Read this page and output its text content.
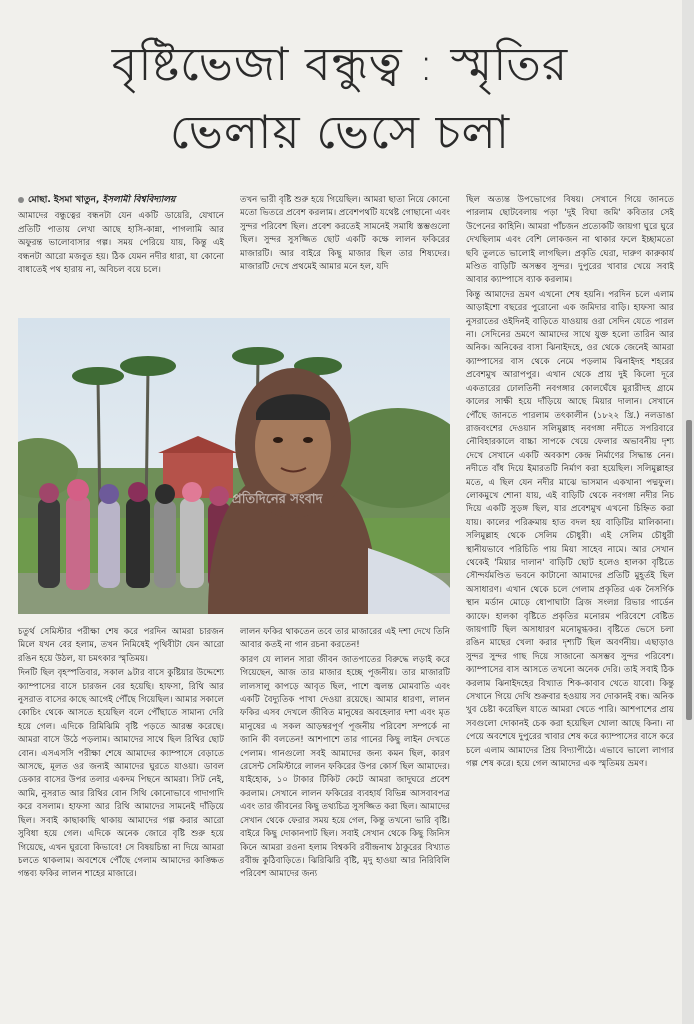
বৃষ্টিভেজা বন্ধুত্ব : স্মৃতির
ভেলায় ভেসে চলা
মোছা. ইসমা খাতুন, ইসলামী বিশ্ববিদ্যালয়

আমাদের বন্ধুত্বের বন্ধনটা যেন একটি ডায়েরি, যেখানে প্রতিটি পাতায় লেখা আছে হাসি-কান্না, পাগলামি আর অফুরন্ত ভালোবাসার গল্প। সময় পেরিয়ে যায়, কিন্তু এই বন্ধনটা আরো মজবুত হয়। ঠিক যেমন নদীর ধারা, যা কোনো বাধাতেই পথ হারায় না, অবিচল বয়ে চলে।

তখন ভারী বৃষ্টি শুরু হয়ে গিয়েছিল। আমরা ছাতা নিয়ে কোনো মতো ভিতরে প্রবেশ করলাম। প্রবেশপথটি যথেষ্ট গোছানো এবং সুন্দর পরিবেশ ছিল। প্রবেশ করতেই সামনেই সমাধি স্তম্ভগুলো ছিল। সুন্দর সুসজ্জিত ছোট একটি কক্ষে লালন ফকিরের মাজারটি। আর বাইরে কিছু মাজার ছিল তার শিষ্যদের। মাজারটি দেখে প্রথমেই আমার মনে হল, যদি

ছিল অত্যন্ত উপভোগের বিষয়। সেখানে গিয়ে জানতে পারলাম ছোটবেলায় পড়া 'দুই বিঘা জমি' কবিতার সেই উপেনের কাহিনি। আমরা পাঁচজন প্রত্যেকটি জায়গা ঘুরে ঘুরে দেখছিলাম এবং বেশি লোকজন না থাকার ফলে ইচ্ছামতো ছবি তুলতে ভালোই লাগছিল। প্রকৃতি ঘেরা, দারুণ কারুকার্য মণ্ডিত বাড়িটি অসম্ভব সুন্দর। দুপুরের খাবার খেয়ে সবাই আবার ক্যাম্পাসে ব্যাক করলাম।

কিন্তু আমাদের ভ্রমণ এখনো শেষ হয়নি। পরদিন চলে এলাম আড়াইশো বছরের পুরোনো এক জমিদার বাড়ি। হাফসা আর নুসরাতের ওইদিনই বাড়িতে যাওয়ায় ওরা সেদিন যেতে পারল না। সেদিনের ভ্রমণে আমাদের সাথে যুক্ত হলো তারিন আর অনিক। অনিকের বাসা ঝিনাইদহে, ওর থেকে জেনেই আমরা ক্যাম্পাসের বাস থেকে নেমে পড়লাম ঝিনাইদহ শহরের প্রবেশমুখ আরাপপুর। এখান থেকে প্রায় দুই কিলো দূরে একতারের ঢোলতিনী নবগঙ্গার কোলঘেঁষে মুরারীদহ গ্রামে কালের সাক্ষী হয়ে দাঁড়িয়ে আছে মিয়ার দালান। সেখানে পৌঁছে জানতে পারলাম তৎকালীন (১৮২২ খ্রি.) নলডাঙা রাজবংশের দেওয়ান সলিমুল্লাহ নবগঙ্গা নদীতে সপরিবারে নৌবিহারকালে বাচ্চা সাপকে খেয়ে ফেলার অভাবনীয় দৃশ্য দেখে সেখানে একটি অবকাশ কেন্দ্র নির্মাণের সিদ্ধান্ত নেন। নদীতে বাঁধ দিয়ে ইমারতটি নির্মাণ করা হয়েছিল। সলিমুল্লাহর মতে, এ ছিল যেন নদীর মাঝে ভাসমান একখানা পদ্মফুল। লোকমুখে শোনা যায়, এই বাড়িটি থেকে নবগঙ্গা নদীর নিচ দিয়ে একটি সুড়ঙ্গ ছিল, যার প্রবেশমুখ এখনো চিহ্নিত করা যায়। কালের পরিক্রমায় হাত বদল হয় বাড়িটির মালিকানা। সলিমুল্লাহ থেকে সেলিম চৌধুরী। এই সেলিম চৌধুরী স্থানীয়ভাবে পরিচিতি পায় মিয়া সাহেব নামে। আর সেখান থেকেই 'মিয়ার দালান' বাড়িটি ছোট হলেও হালকা বৃষ্টিতে সৌন্দর্যমণ্ডিত ভবনে কাটানো আমাদের প্রতিটি মুহূর্তই ছিল অসাধারণ। এখান থেকে চলে গেলাম প্রকৃতির এক নৈসর্গিক স্থান মর্ডান মোড়ে ধোপাঘাটা ব্রিজ সংলগ্ন রিভার গার্ডেন ক্যাফে। হালকা বৃষ্টিতে প্রকৃতির মনোরম পরিবেশে বেষ্টিত জায়গাটি ছিল অসাধারণ মনোমুগ্ধকর। বৃষ্টিতে ভেসে চলা রঙিন মাছের খেলা করার দৃশ্যটি ছিল অবর্ণনীয়। এছাড়াও সুন্দর সুন্দর গাছ দিয়ে সাজানো অসম্ভব সুন্দর পরিবেশ। ক্যাম্পাসের বাস আসতে তখনো অনেক দেরি। তাই সবাই ঠিক করলাম ঝিনাইদহের বিখ্যাত শিক-কাবাব খেতে যাবো। কিন্তু সেখানে গিয়ে দেখি শুক্রবার হওয়ায় সব দোকানই বন্ধ। অনিক খুব চেষ্টা করেছিল যাতে আমরা খেতে পারি। আশপাশের প্রায় সবগুলো দোকানই চেক করা হয়েছিল খোলা আছে কিনা। না পেয়ে অবশেষে দুপুরের খাবার শেষ করে ক্যাম্পাসের বাসে করে চলে এলাম আমাদের প্রিয় বিদ্যাপীঠে। এভাবে ভালো লাগার গল্প শেষ করে। হয়ে গেল আমাদের এক স্মৃতিময় ভ্রমণ।

প্রতিদিনের সংবাদ

চতুর্থ সেমিস্টার পরীক্ষা শেষ করে পরদিন আমরা চারজন মিলে যখন বের হলাম, তখন নিমিষেই পৃথিবীটা যেন আরো রঙিন হয়ে উঠল, যা চমৎকার স্মৃতিময়।

দিনটি ছিল বৃহস্পতিবার, সকাল ৯টার বাসে কুষ্টিয়ার উদ্দেশ্যে ক্যাম্পাসের বাসে চারজন বের হয়েছি। হাফসা, রিথি আর নুসরাত বাসের কাছে আগেই পৌঁছে গিয়েছিল। আমার সকালে কোচিং থেকে আসতে হয়েছিল বলে পৌঁছাতে সামান্য দেরি হয়ে গেল। এদিকে রিমিঝিমি বৃষ্টি পড়তে আরম্ভ করেছে। আমরা বাসে উঠে পড়লাম। আমাদের সাথে ছিল রিথির ছোট বোন। এসএসসি পরীক্ষা শেষে আমাদের ক্যাম্পাসে বেড়াতে আসছে, মূলত ওর জন্যই আমাদের ঘুরতে যাওয়া। ডাবল ডেকার বাসের উপর তলার একদম পিছনে আমরা। সিট নেই, আমি, নুসরাত আর রিথির বোন সিথি কোনোভাবে গাদাগাদি করে বসলাম। হাফসা আর রিথি আমাদের সামনেই দাঁড়িয়ে ছিল। সবাই কাছাকাছি থাকায় আমাদের গল্প করার আরো সুবিধা হয়ে গেল। এদিকে অনেক জোরে বৃষ্টি শুরু হয়ে গিয়েছে, এখন ঘুরবো কিভাবে! সে বিষয়চিন্তা না দিয়ে আমরা চলতে থাকলাম। অবশেষে পৌঁছে গেলাম আমাদের কাঙ্ক্ষিত গন্তব্য ফকির লালন শাহের মাজারে।

লালন ফকির থাকতেন তবে তার মাজারের এই দশা দেখে তিনি আবার কতই না গান রচনা করতেন!

কারণ যে লালন সারা জীবন জাতপাতের বিরুদ্ধে লড়াই করে গিয়েছেন, আজ তার মাজার হচ্ছে পূজনীয়। তার মাজারটি লালসালু কাপড়ে আবৃত ছিল, পাশে জ্বলন্ত মোমবাতি এবং একটি বৈদ্যুতিক পাখা দেওয়া রয়েছে। আমার ধারণা, লালন ফকির এসব দেখলে জীবিত মানুষের অবহেলার দশা এবং মৃত মানুষের এ সকল আড়ম্বরপূর্ণ পূজনীয় পরিবেশ সম্পর্কে না জানি কী বলতেন! আশপাশে তার গানের কিছু লাইন দেখতে পেলাম। গানগুলো সবই আমাদের জন্য কমন ছিল, কারণ রেসেন্ট সেমিস্টারে লালন ফকিরের উপর কোর্স ছিল আমাদের। যাইহোক, ১০ টাকার টিকিট কেটে আমরা জাদুঘরে প্রবেশ করলাম। সেখানে লালন ফকিরের ব্যবহার্য বিভিন্ন আসবাবপত্র এবং তার জীবনের কিছু তথ্যচিত্র সুসজ্জিত করা ছিল। আমাদের সেখান থেকে ফেরার সময় হয়ে গেল, কিন্তু তখনো ভারি বৃষ্টি। বাইরে কিছু দোকানপাট ছিল। সবাই সেখান থেকে কিছু জিনিস কিনে আমরা রওনা হলাম বিশ্বকবি রবীন্দ্রনাথ ঠাকুরের বিখ্যাত রবীন্দ্র কুঠিবাড়িতে। ঝিরিঝিরি বৃষ্টি, মৃদু হাওয়া আর নিরিবিলি পরিবেশ আমাদের জন্য
